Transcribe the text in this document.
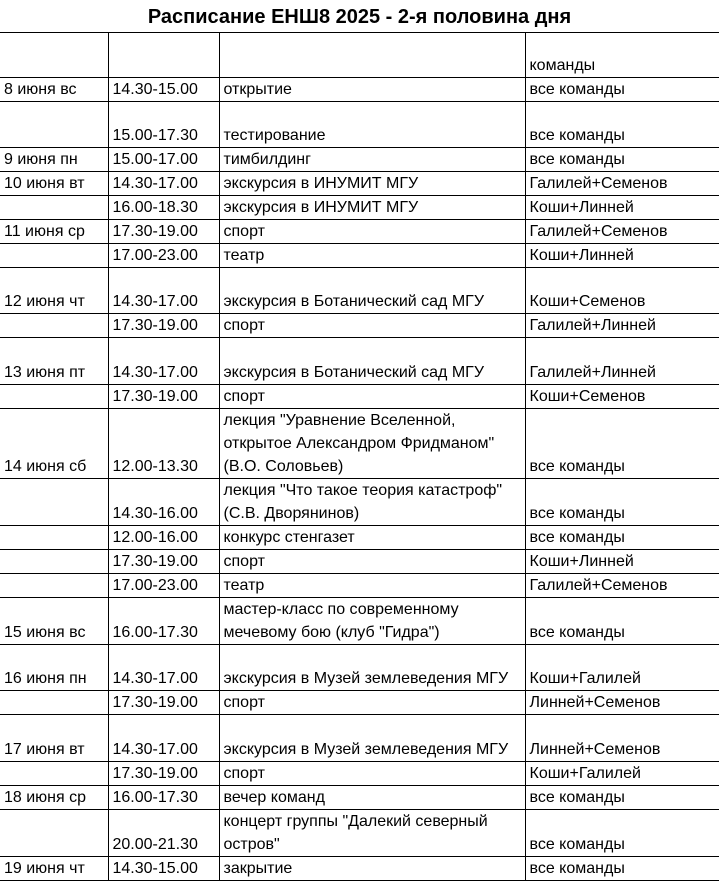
Расписание ЕНШ8 2025 - 2-я половина дня
			команды
8 июня вс	14.30-15.00	открытие	все команды
	15.00-17.30	тестирование	все команды
9 июня пн	15.00-17.00	тимбилдинг	все команды
10 июня вт	14.30-17.00	экскурсия в ИНУМИТ МГУ	Галилей+Семенов
	16.00-18.30	экскурсия в ИНУМИТ МГУ	Коши+Линней
11 июня ср	17.30-19.00	спорт	Галилей+Семенов
	17.00-23.00	театр	Коши+Линней
12 июня чт	14.30-17.00	экскурсия в Ботанический сад МГУ	Коши+Семенов
	17.30-19.00	спорт	Галилей+Линней
13 июня пт	14.30-17.00	экскурсия в Ботанический сад МГУ	Галилей+Линней
	17.30-19.00	спорт	Коши+Семенов
14 июня сб	12.00-13.30	лекция "Уравнение Вселенной, открытое Александром Фридманом" (В.О. Соловьев)	все команды
	14.30-16.00	лекция "Что такое теория катастроф" (С.В. Дворянинов)	все команды
	12.00-16.00	конкурс стенгазет	все команды
	17.30-19.00	спорт	Коши+Линней
	17.00-23.00	театр	Галилей+Семенов
15 июня вс	16.00-17.30	мастер-класс по современному мечевому бою (клуб "Гидра")	все команды
16 июня пн	14.30-17.00	экскурсия в Музей землеведения МГУ	Коши+Галилей
	17.30-19.00	спорт	Линней+Семенов
17 июня вт	14.30-17.00	экскурсия в Музей землеведения МГУ	Линней+Семенов
	17.30-19.00	спорт	Коши+Галилей
18 июня ср	16.00-17.30	вечер команд	все команды
	20.00-21.30	концерт группы "Далекий северный остров"	все команды
19 июня чт	14.30-15.00	закрытие	все команды
